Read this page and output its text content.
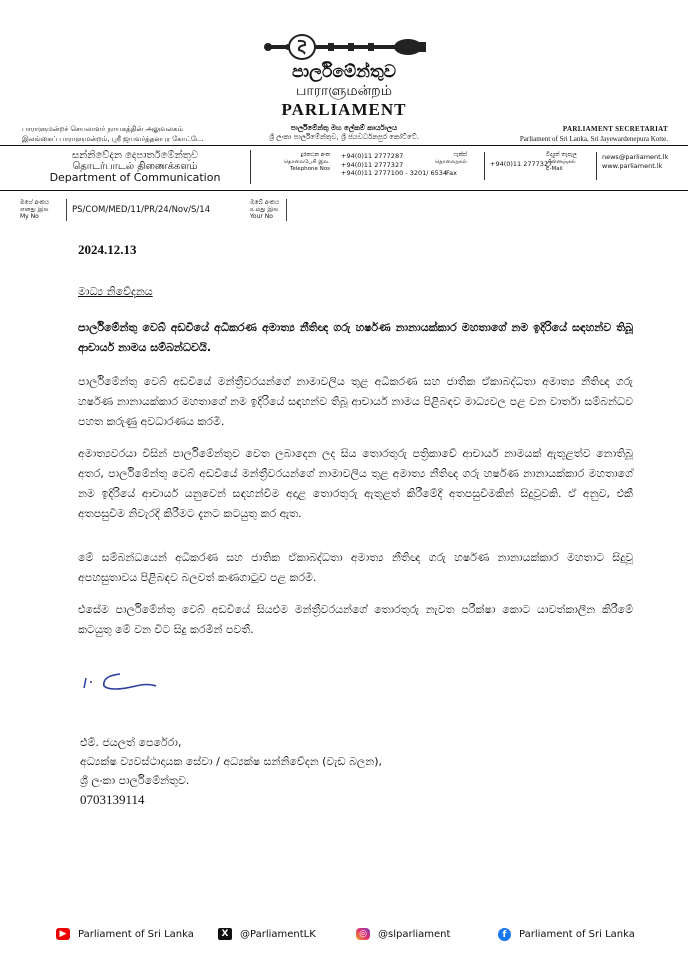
පාර්ලිමේන්තුව
பாராளுமன்றம்
PARLIAMENT
பாராளுமன்றச் செயலாளர் நாயகத்தின் அலுவலகம்
இலங்கைப் பாராளுமன்றம், ஸ்ரீ ஜயவர்த்தனபுர கோட்டே.
පාර්ලිමේන්තු මහ ලේකම් කාර්යාලය
ශ්‍රී ලංකා පාර්ලිමේන්තුව, ශ්‍රී ජයවර්ධනපුර කෝට්ටේ.
PARLIAMENT SECRETARIAT
Parliament of Sri Lanka, Sri Jayewardenepura Kotte.
සන්නිවේදන දෙපාර්තමේන්තුව
தொடர்பாடல் திணைக்களம்
Department of Communication
දුරකථන අංක
தொலைபேசி இல.
Telephone Nos
+94(0)11 2777287
+94(0)11 2777327
+94(0)11 2777100 - 3201/ 6534
ෆැක්ස්
தொலைநகல்
Fax
+94(0)11 2777327
විද්‍යුත් තැපෑල
மின்னஞ்சல்
E-Mail
news@parliament.lk
www.parliament.lk
මගේ අංකය
எனது இல
My No
PS/COM/MED/11/PR/24/Nov/S/14
ඔබේ අංකය
உமது இல
Your No
2024.12.13
මාධ්‍ය නිවේදනය
පාර්ලිමේන්තු වෙබ් අඩවියේ අධිකරණ අමාත්‍ය නීතිඥ ගරු හර්ෂණ නානායක්කාර මහතාගේ නම ඉදිරියේ සඳහන්ව තිබූ ආචාර්ය නාමය සම්බන්ධවයි.
පාර්ලිමේන්තු වෙබ් අඩවියේ මන්ත්‍රීවරයන්ගේ නාමාවලිය තුළ අධිකරණ සහ ජාතික ඒකාබද්ධතා අමාත්‍ය නීතිඥ ගරු හර්ෂණ නානායක්කාර මහතාගේ නම ඉදිරියේ සඳහන්ව තිබූ ආචාර්ය නාමය පිළිබඳව මාධ්‍යවල පළ වන වාර්තා සම්බන්ධව පහත කරුණු අවධාරණය කරමි.
අමාත්‍යවරයා විසින් පාර්ලිමේන්තුව වෙත ලබාදෙන ලද සිය තොරතුරු පත්‍රිකාවේ ආචාර්ය නාමයක් ඇතුළත්ව නොතිබූ අතර, පාර්ලිමේන්තු වෙබ් අඩවියේ මන්ත්‍රීවරයන්ගේ නාමාවලිය තුළ අමාත්‍ය නීතිඥ ගරු හර්ෂණ නානායක්කාර මහතාගේ නම ඉදිරියේ ආචාර්ය යනුවෙන් සඳහන්වීම අදාළ තොරතුරු ඇතුළත් කිරීමේදී අතපසුවීමකින් සිදුවූවකි. ඒ අනුව, එකී අතපසුවීම නිවැරදි කිරීමට දැනට කටයුතු කර ඇත.
මේ සම්බන්ධයෙන් අධිකරණ සහ ජාතික ඒකාබද්ධතා අමාත්‍ය නීතිඥ ගරු හර්ෂණ නානායක්කාර මහතාට සිදුවූ අපහසුතාවය පිළිබඳව බලවත් කණගාටුව පළ කරමි.
එසේම පාර්ලිමේන්තු වෙබ් අඩවියේ සියළුම මන්ත්‍රීවරයන්ගේ තොරතුරු නැවත පරීක්ෂා කොට යාවත්කාලීන කිරීමේ කටයුතු මේ වන විට සිදු කරමින් පවතී.
එම්. ජයලත් පෙරේරා,
අධ්‍යක්ෂ ව්‍යවස්ථාදායක සේවා / අධ්‍යක්ෂ සන්නිවේදන (වැඩ බලන),
ශ්‍රී ලංකා පාර්ලිමේන්තුව.
0703139114
▶	Parliament of Sri Lanka	X	@ParliamentLK	◎	@slparliament	f	Parliament of Sri Lanka
